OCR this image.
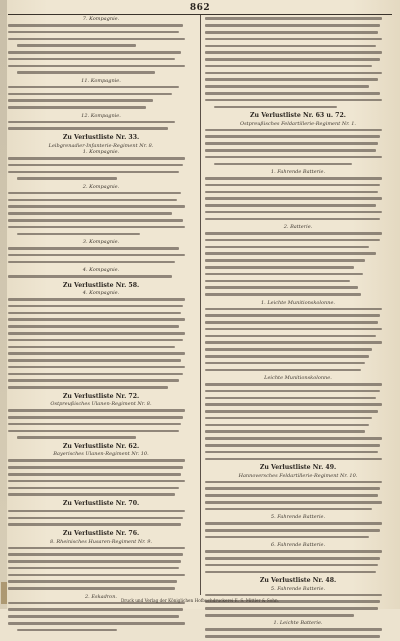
862
7. Kompagnie.
11. Kompagnie.
12. Kompagnie.
Zu Verlustliste Nr. 33.
Leibgrenadier-Infanterie-Regiment Nr. 8.
1. Kompagnie.
2. Kompagnie.
3. Kompagnie.
4. Kompagnie.
Zu Verlustliste Nr. 58.
4. Kompagnie.
Zu Verlustliste Nr. 72.
Ostpreußisches Ulanen-Regiment Nr. 8.
Zu Verlustliste Nr. 62.
Bayerisches Ulanen-Regiment Nr. 10.
Zu Verlustliste Nr. 70.
Zu Verlustliste Nr. 76.
8. Rheinisches Husaren-Regiment Nr. 9.
2. Eskadron.
Zu Verlustliste Nr. 63 u. 72.
Ostpreußisches Feldartillerie-Regiment Nr. 1.
1. Fahrende Batterie.
2. Batterie.
1. Leichte Munitionskolonne.
Leichte Munitionskolonne.
Zu Verlustliste Nr. 49.
Hannoversches Feldartillerie-Regiment Nr. 10.
5. Fahrende Batterie.
6. Fahrende Batterie.
Zu Verlustliste Nr. 48.
5. Fahrende Batterie.
1. Leichte Batterie.
Druck und Verlag der Königlichen Hofbuchdruckerei E. S. Mittler & Sohn.
